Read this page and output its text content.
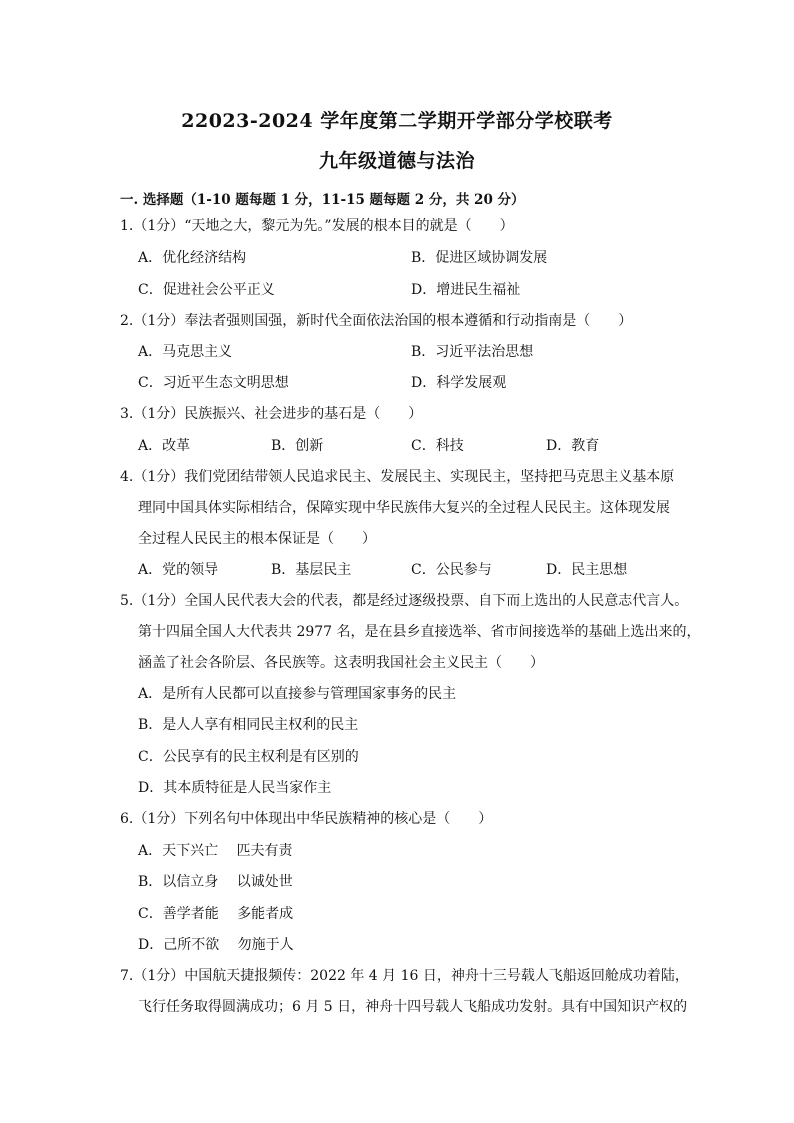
22023-2024 学年度第二学期开学部分学校联考
九年级道德与法治
一. 选择题（1-10 题每题 1 分，11-15 题每题 2 分，共 20 分）
1.（1分）“天地之大，黎元为先。”发展的根本目的就是（　　）
A．优化经济结构	B．促进区域协调发展
C．促进社会公平正义	D．增进民生福祉
2.（1分）奉法者强则国强，新时代全面依法治国的根本遵循和行动指南是（　　）
A．马克思主义	B．习近平法治思想
C．习近平生态文明思想	D．科学发展观
3.（1分）民族振兴、社会进步的基石是（　　）
A．改革	B．创新	C．科技	D．教育
4.（1分）我们党团结带领人民追求民主、发展民主、实现民主，坚持把马克思主义基本原
理同中国具体实际相结合，保障实现中华民族伟大复兴的全过程人民民主。这体现发展
全过程人民民主的根本保证是（　　）
A．党的领导	B．基层民主	C．公民参与	D．民主思想
5.（1分）全国人民代表大会的代表，都是经过逐级投票、自下而上选出的人民意志代言人。
第十四届全国人大代表共 2977 名，是在县乡直接选举、省市间接选举的基础上选出来的，
涵盖了社会各阶层、各民族等。这表明我国社会主义民主（　　）
A．是所有人民都可以直接参与管理国家事务的民主
B．是人人享有相同民主权利的民主
C．公民享有的民主权利是有区别的
D．其本质特征是人民当家作主
6.（1分）下列名句中体现出中华民族精神的核心是（　　）
A．天下兴亡　 匹夫有责
B．以信立身　 以诚处世
C．善学者能　 多能者成
D．己所不欲　 勿施于人
7.（1分）中国航天捷报频传：2022 年 4 月 16 日，神舟十三号载人飞船返回舱成功着陆，
飞行任务取得圆满成功；6 月 5 日，神舟十四号载人飞船成功发射。具有中国知识产权的
